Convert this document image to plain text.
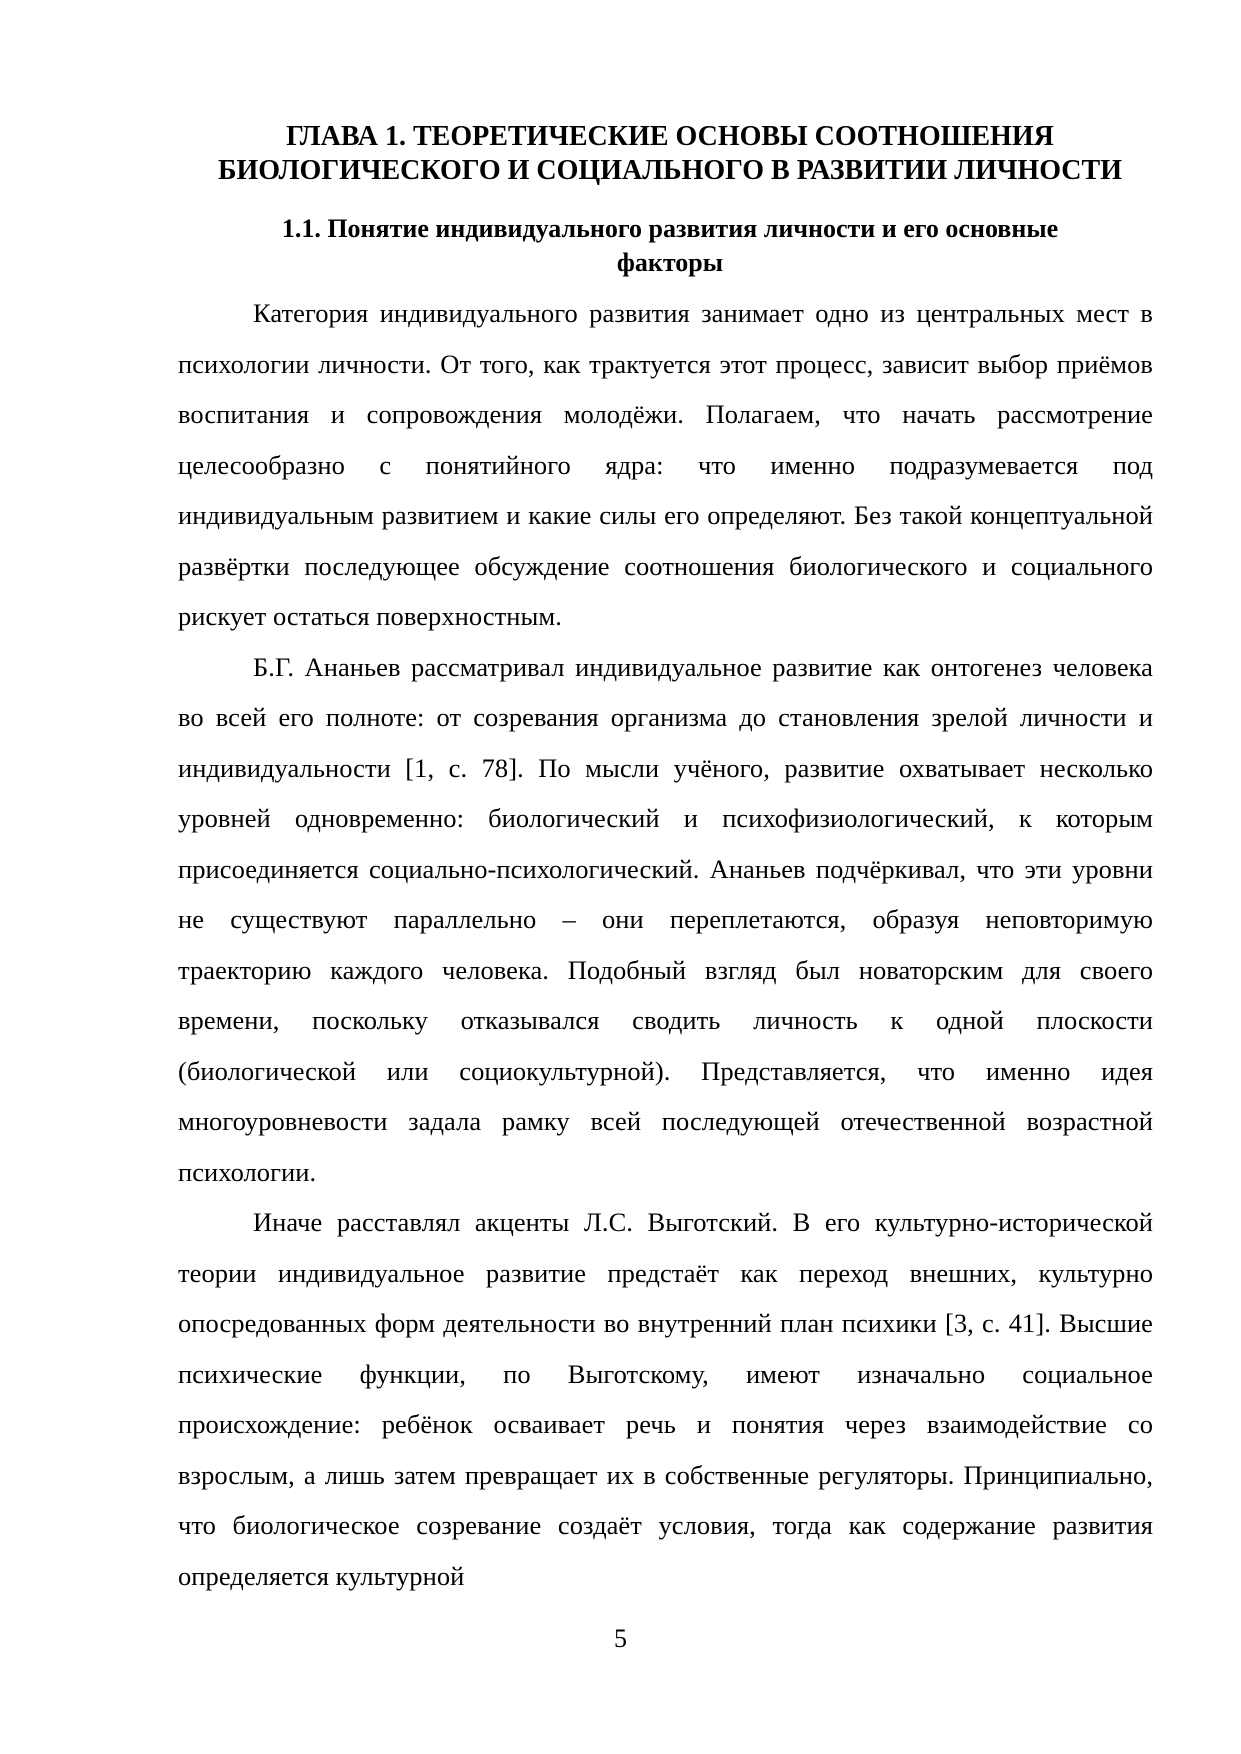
ГЛАВА 1. ТЕОРЕТИЧЕСКИЕ ОСНОВЫ СООТНОШЕНИЯ
БИОЛОГИЧЕСКОГО И СОЦИАЛЬНОГО В РАЗВИТИИ ЛИЧНОСТИ
1.1. Понятие индивидуального развития личности и его основные
факторы

Категория индивидуального развития занимает одно из центральных мест в психологии личности. От того, как трактуется этот процесс, зависит выбор приёмов воспитания и сопровождения молодёжи. Полагаем, что начать рассмотрение целесообразно с понятийного ядра: что именно подразумевается под индивидуальным развитием и какие силы его определяют. Без такой концептуальной развёртки последующее обсуждение соотношения биологического и социального рискует остаться поверхностным.

Б.Г. Ананьев рассматривал индивидуальное развитие как онтогенез человека во всей его полноте: от созревания организма до становления зрелой личности и индивидуальности [1, с. 78]. По мысли учёного, развитие охватывает несколько уровней одновременно: биологический и психофизиологический, к которым присоединяется социально-психологический. Ананьев подчёркивал, что эти уровни не существуют параллельно – они переплетаются, образуя неповторимую траекторию каждого человека. Подобный взгляд был новаторским для своего времени, поскольку отказывался сводить личность к одной плоскости (биологической или социокультурной). Представляется, что именно идея многоуровневости задала рамку всей последующей отечественной возрастной психологии.

Иначе расставлял акценты Л.С. Выготский. В его культурно-исторической теории индивидуальное развитие предстаёт как переход внешних, культурно опосредованных форм деятельности во внутренний план психики [3, с. 41]. Высшие психические функции, по Выготскому, имеют изначально социальное происхождение: ребёнок осваивает речь и понятия через взаимодействие со взрослым, а лишь затем превращает их в собственные регуляторы. Принципиально, что биологическое созревание создаёт условия, тогда как содержание развития определяется культурной

5
